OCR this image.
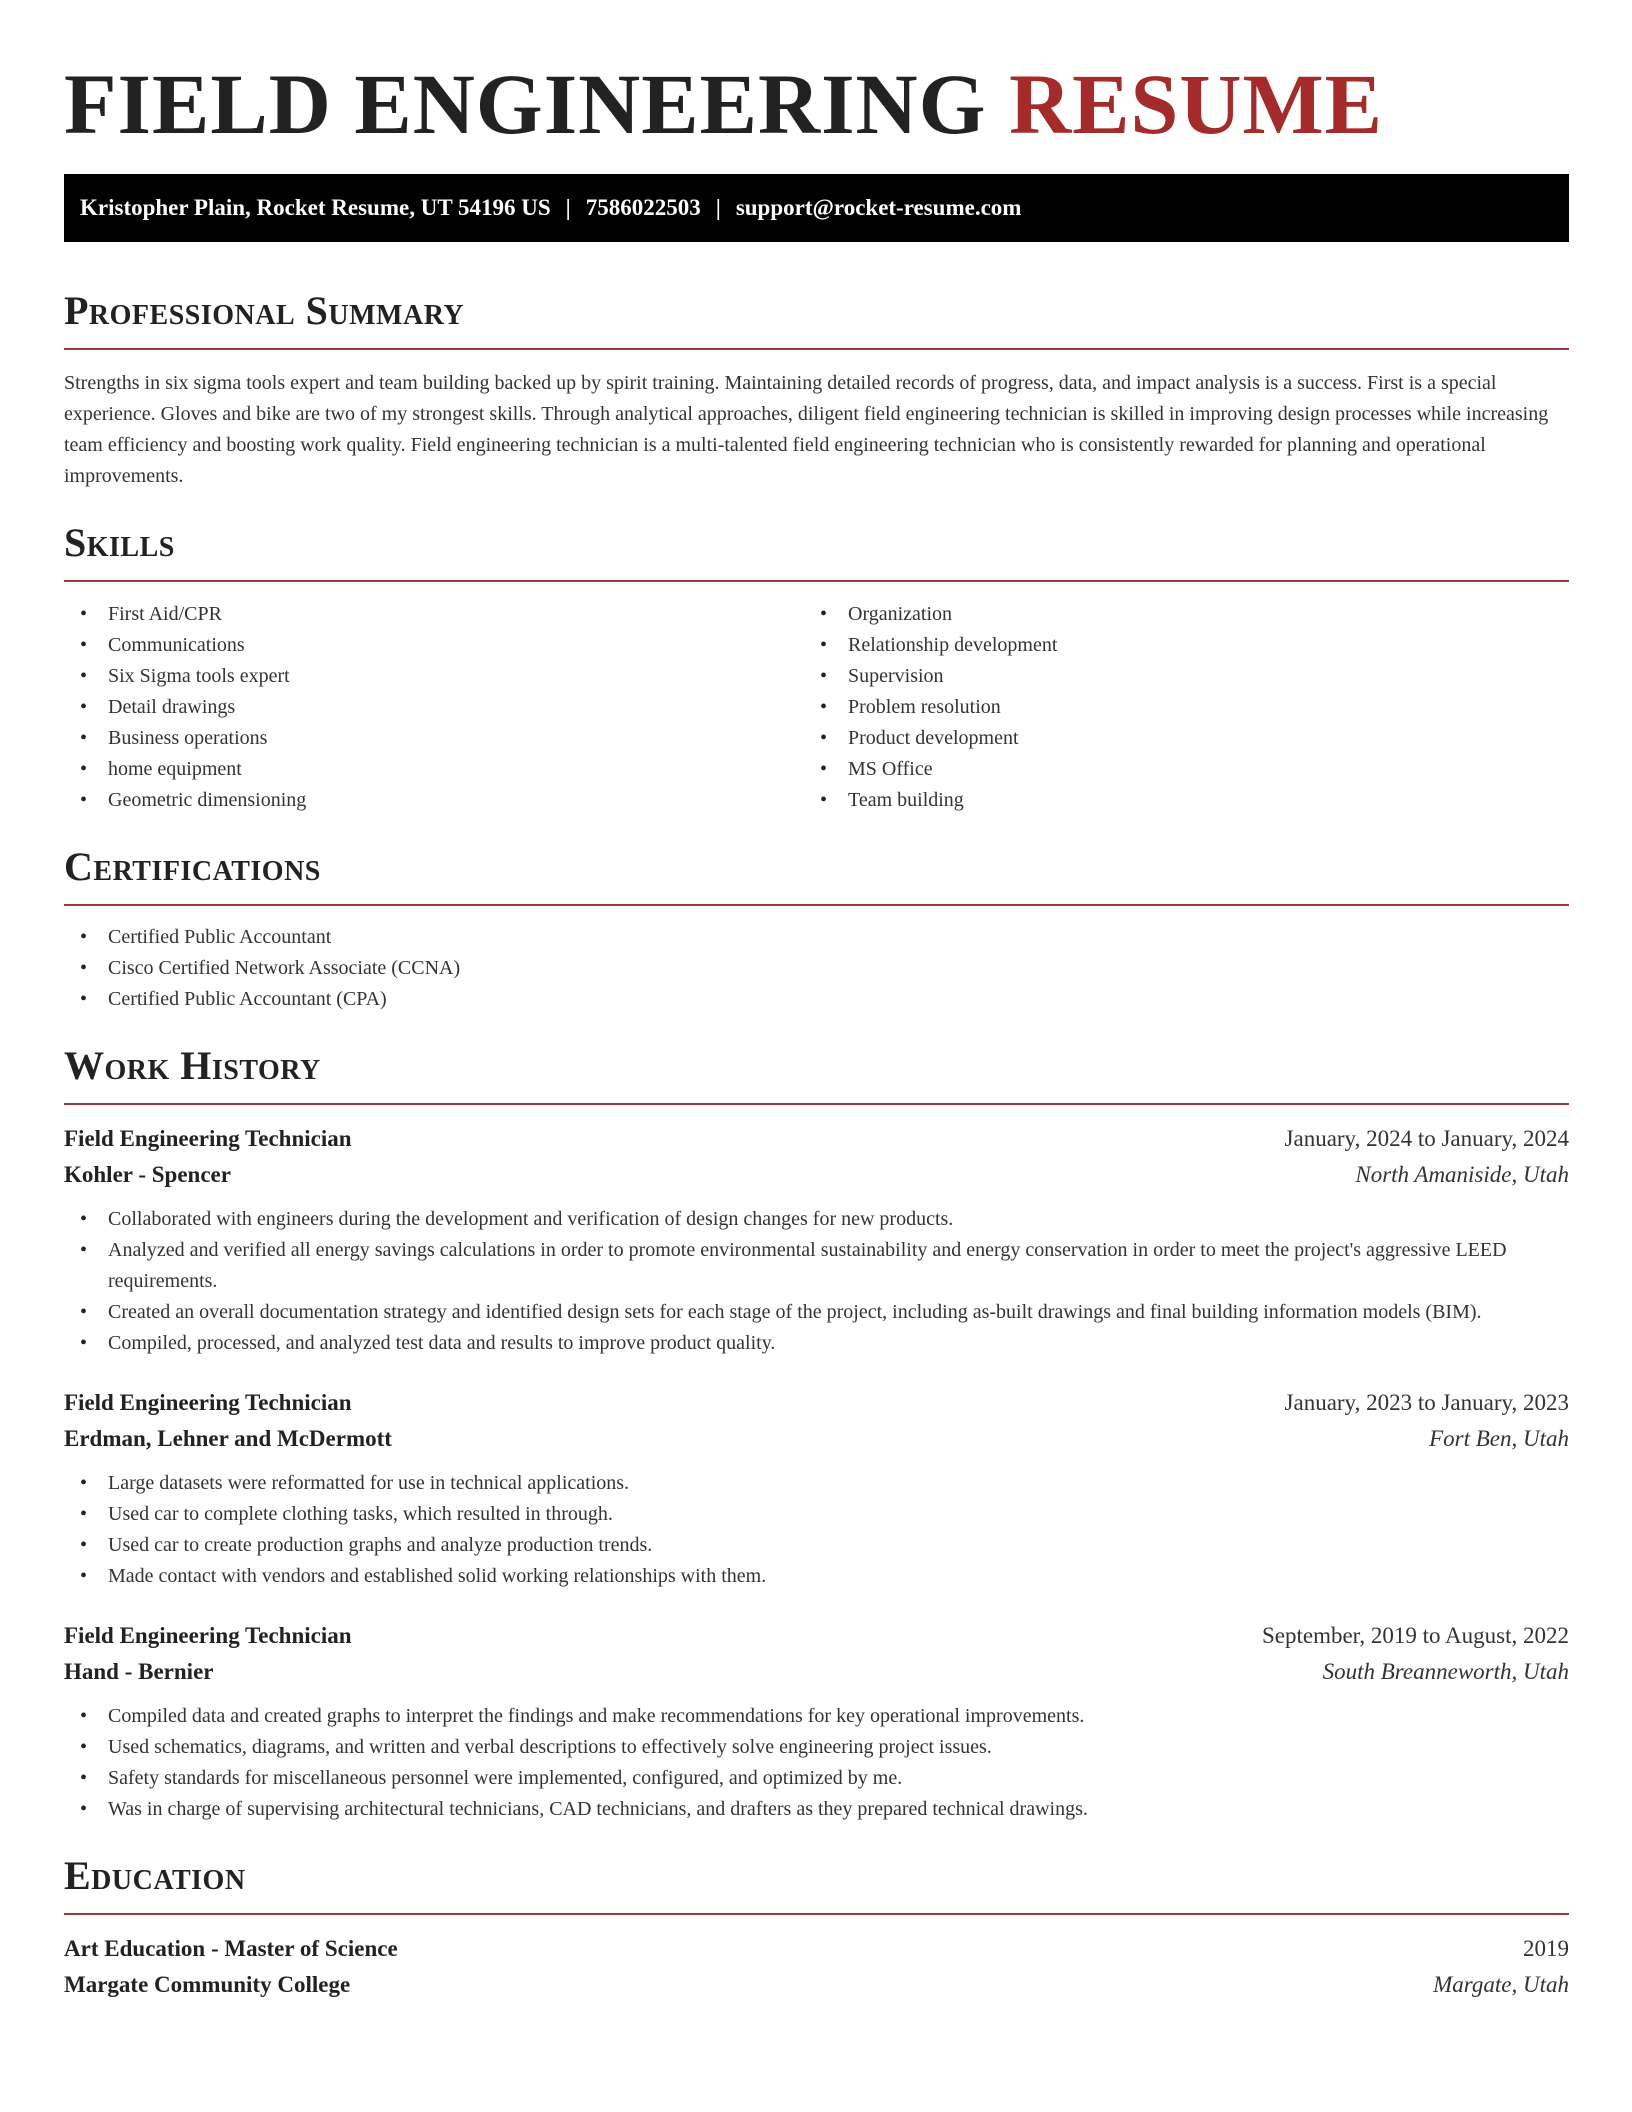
FIELD ENGINEERING RESUME
Kristopher Plain, Rocket Resume, UT 54196 US | 7586022503 | support@rocket-resume.com
Professional Summary

Strengths in six sigma tools expert and team building backed up by spirit training. Maintaining detailed records of progress, data, and impact analysis is a success. First is a special experience. Gloves and bike are two of my strongest skills. Through analytical approaches, diligent field engineering technician is skilled in improving design processes while increasing team efficiency and boosting work quality. Field engineering technician is a multi-talented field engineering technician who is consistently rewarded for planning and operational improvements.

Skills
• First Aid/CPR
• Communications
• Six Sigma tools expert
• Detail drawings
• Business operations
• home equipment
• Geometric dimensioning
• Organization
• Relationship development
• Supervision
• Problem resolution
• Product development
• MS Office
• Team building
Certifications
• Certified Public Accountant
• Cisco Certified Network Associate (CCNA)
• Certified Public Accountant (CPA)
Work History
Field Engineering Technician	January, 2024 to January, 2024
Kohler - Spencer	North Amaniside, Utah
• Collaborated with engineers during the development and verification of design changes for new products.
• Analyzed and verified all energy savings calculations in order to promote environmental sustainability and energy conservation in order to meet the project's aggressive LEED requirements.
• Created an overall documentation strategy and identified design sets for each stage of the project, including as-built drawings and final building information models (BIM).
• Compiled, processed, and analyzed test data and results to improve product quality.
Field Engineering Technician	January, 2023 to January, 2023
Erdman, Lehner and McDermott	Fort Ben, Utah
• Large datasets were reformatted for use in technical applications.
• Used car to complete clothing tasks, which resulted in through.
• Used car to create production graphs and analyze production trends.
• Made contact with vendors and established solid working relationships with them.
Field Engineering Technician	September, 2019 to August, 2022
Hand - Bernier	South Breanneworth, Utah
• Compiled data and created graphs to interpret the findings and make recommendations for key operational improvements.
• Used schematics, diagrams, and written and verbal descriptions to effectively solve engineering project issues.
• Safety standards for miscellaneous personnel were implemented, configured, and optimized by me.
• Was in charge of supervising architectural technicians, CAD technicians, and drafters as they prepared technical drawings.
Education
Art Education - Master of Science	2019
Margate Community College	Margate, Utah
